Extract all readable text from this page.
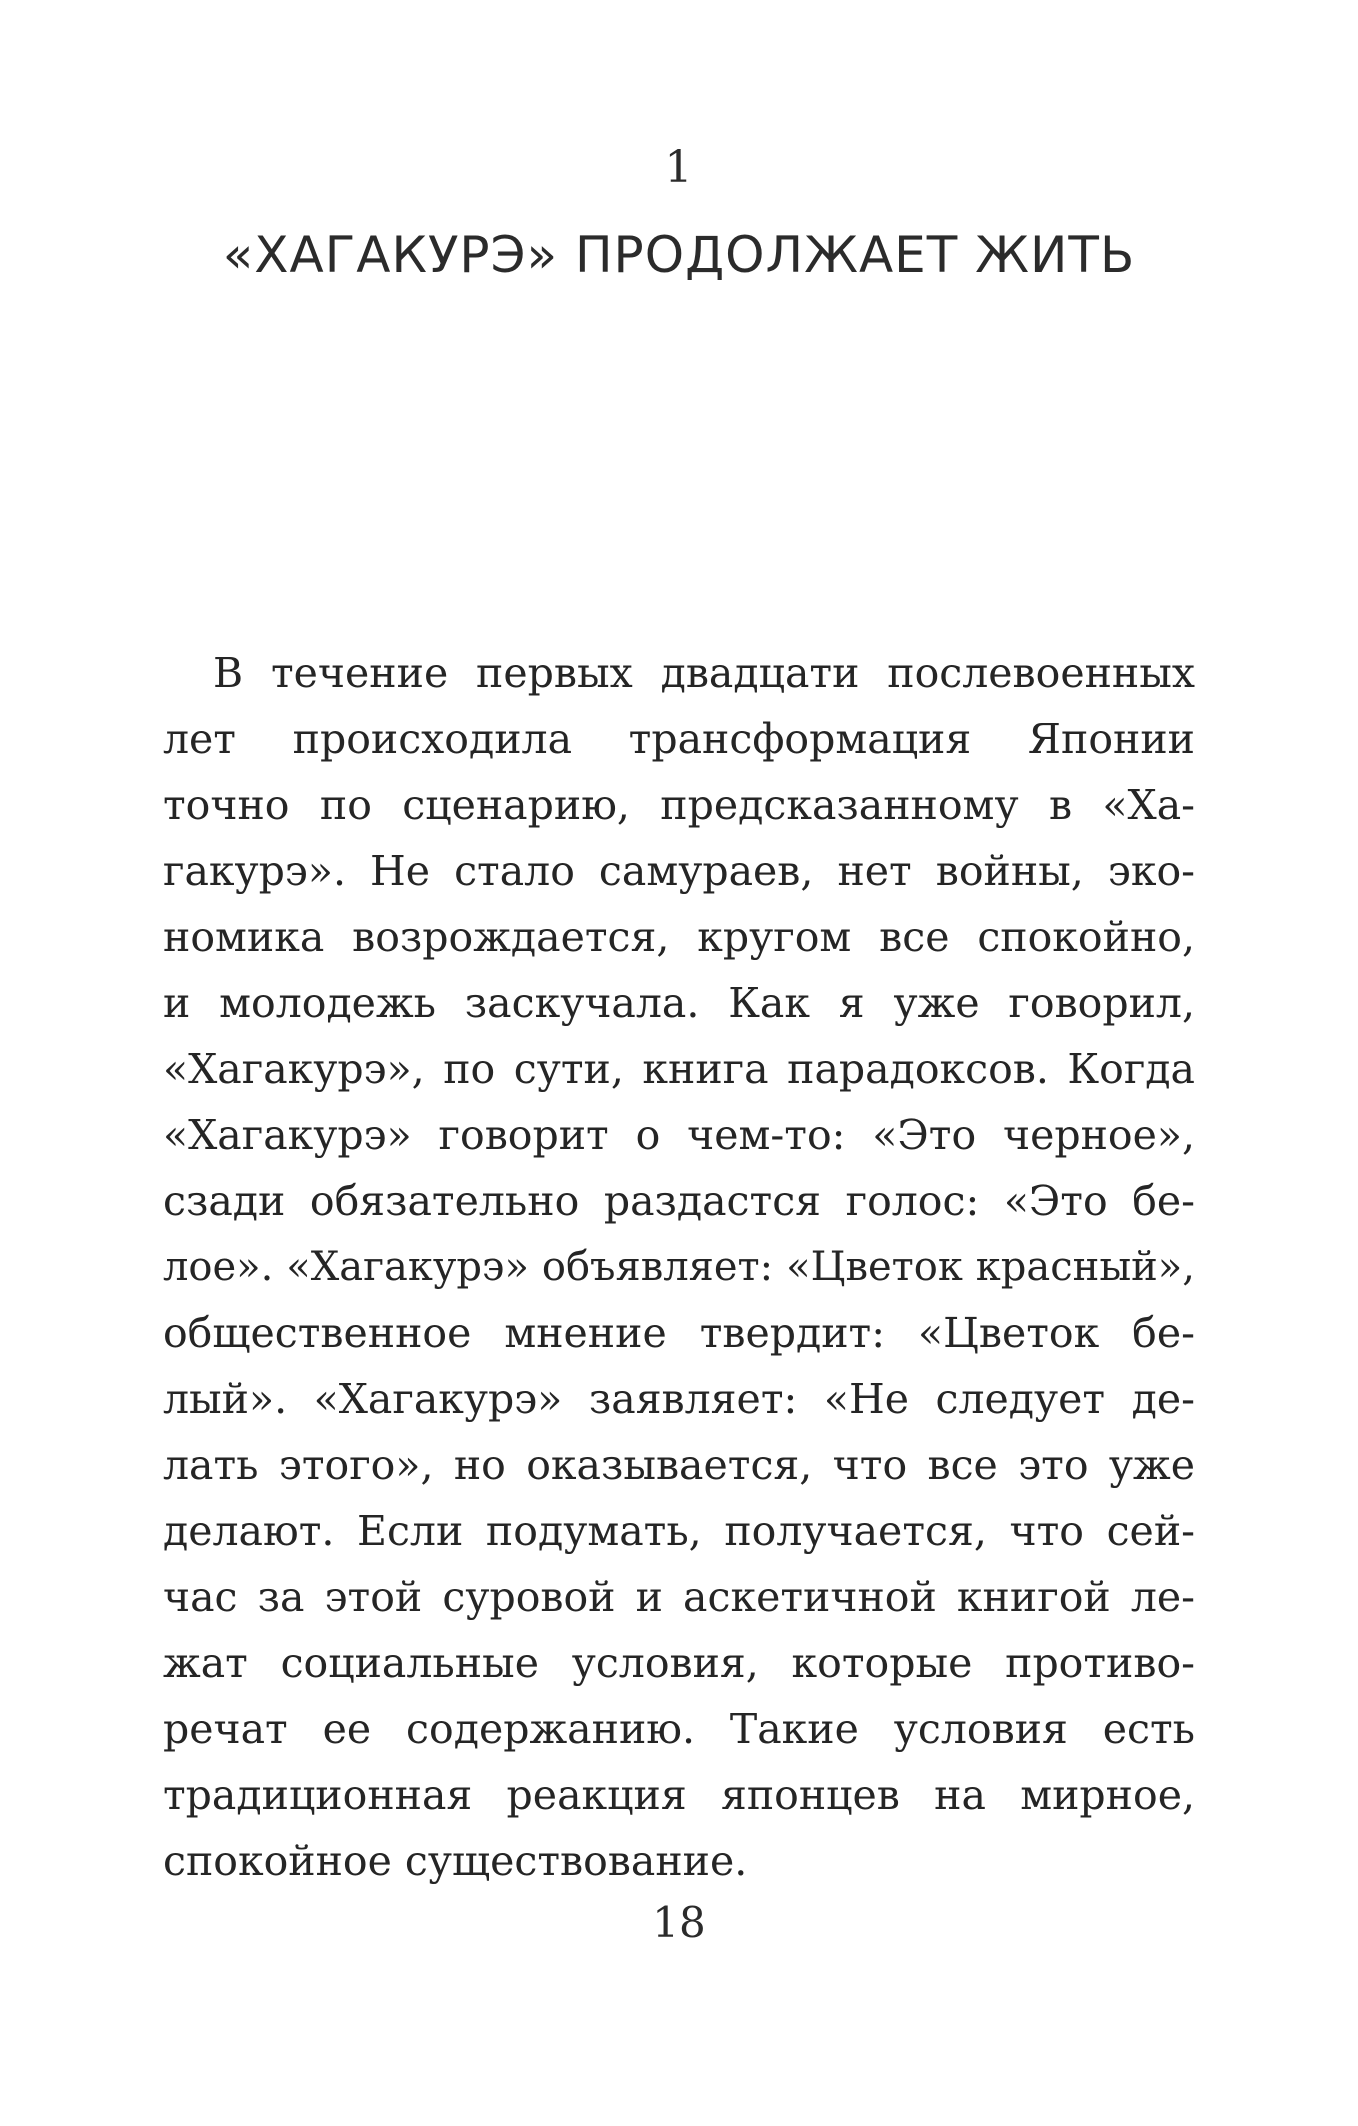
1
«ХАГАКУРЭ» ПРОДОЛЖАЕТ ЖИТЬ
В течение первых двадцати послевоенных
лет происходила трансформация Японии
точно по сценарию, предсказанному в «Ха-
гакурэ». Не стало самураев, нет войны, эко-
номика возрождается, кругом все спокойно,
и молодежь заскучала. Как я уже говорил,
«Хагакурэ», по сути, книга парадоксов. Когда
«Хагакурэ» говорит о чем-то: «Это черное»,
сзади обязательно раздастся голос: «Это бе-
лое». «Хагакурэ» объявляет: «Цветок красный»,
общественное мнение твердит: «Цветок бе-
лый». «Хагакурэ» заявляет: «Не следует де-
лать этого», но оказывается, что все это уже
делают. Если подумать, получается, что сей-
час за этой суровой и аскетичной книгой ле-
жат социальные условия, которые противо-
речат ее содержанию. Такие условия есть
традиционная реакция японцев на мирное,
спокойное существование.
18
